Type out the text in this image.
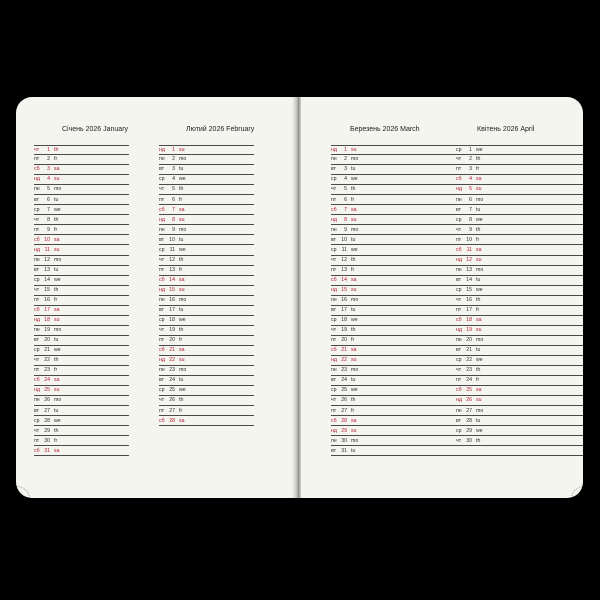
Січень 2026 January	Лютий 2026 February
чт	1 th
пт	2 fr
сб	3 sa
нд	4 su
пн	5 mo
вт	6 tu
ср	7 we
чт	8 th
пт	9 fr
сб 10 sa
нд 11 su
пн 12 mo
вт 13 tu
ср 14 we
чт 15 th
пт 16 fr
сб 17 sa
нд 18 su
пн 19 mo
вт 20 tu
ср 21 we
чт 22 th
пт 23 fr
сб 24 sa
нд 25 su
пн 26 mo
вт 27 tu
ср 28 we
чт 29 th
пт 30 fr
сб 31 sa
нд	1 su
пн	2 mo
вт	3 tu
ср	4 we
чт	5 th
пт	6 fr
сб	7 sa
нд	8 su
пн	9 mo
вт 10 tu
ср 11 we
чт 12 th
пт 13 fr
сб 14 sa
нд 15 su
пн 16 mo
вт 17 tu
ср 18 we
чт 19 th
пт 20 fr
сб 21 sa
нд 22 su
пн 23 mo
вт 24 tu
ср 25 we
чт 26 th
пт 27 fr
сб 28 sa
Березень 2026 March	Квітень 2026 April
нд	1 su
пн	2 mo
вт	3 tu
ср	4 we
чт	5 th
пт	6 fr
сб	7 sa
нд	8 su
пн	9 mo
вт 10 tu
ср 11 we
чт 12 th
пт 13 fr
сб 14 sa
нд 15 su
пн 16 mo
вт 17 tu
ср 18 we
чт 19 th
пт 20 fr
сб 21 sa
нд 22 su
пн 23 mo
вт 24 tu
ср 25 we
чт 26 th
пт 27 fr
сб 28 sa
нд 29 su
пн 30 mo
вт 31 tu
ср	1 we
чт	2 th
пт	3 fr
сб	4 sa
нд	5 su
пн	6 mo
вт	7 tu
ср	8 we
чт	9 th
пт 10 fr
сб 11 sa
нд 12 su
пн 13 mo
вт 14 tu
ср 15 we
чт 16 th
пт 17 fr
сб 18 sa
нд 19 su
пн 20 mo
вт 21 tu
ср 22 we
чт 23 th
пт 24 fr
сб 25 sa
нд 26 su
пн 27 mo
вт 28 tu
ср 29 we
чт 30 th
